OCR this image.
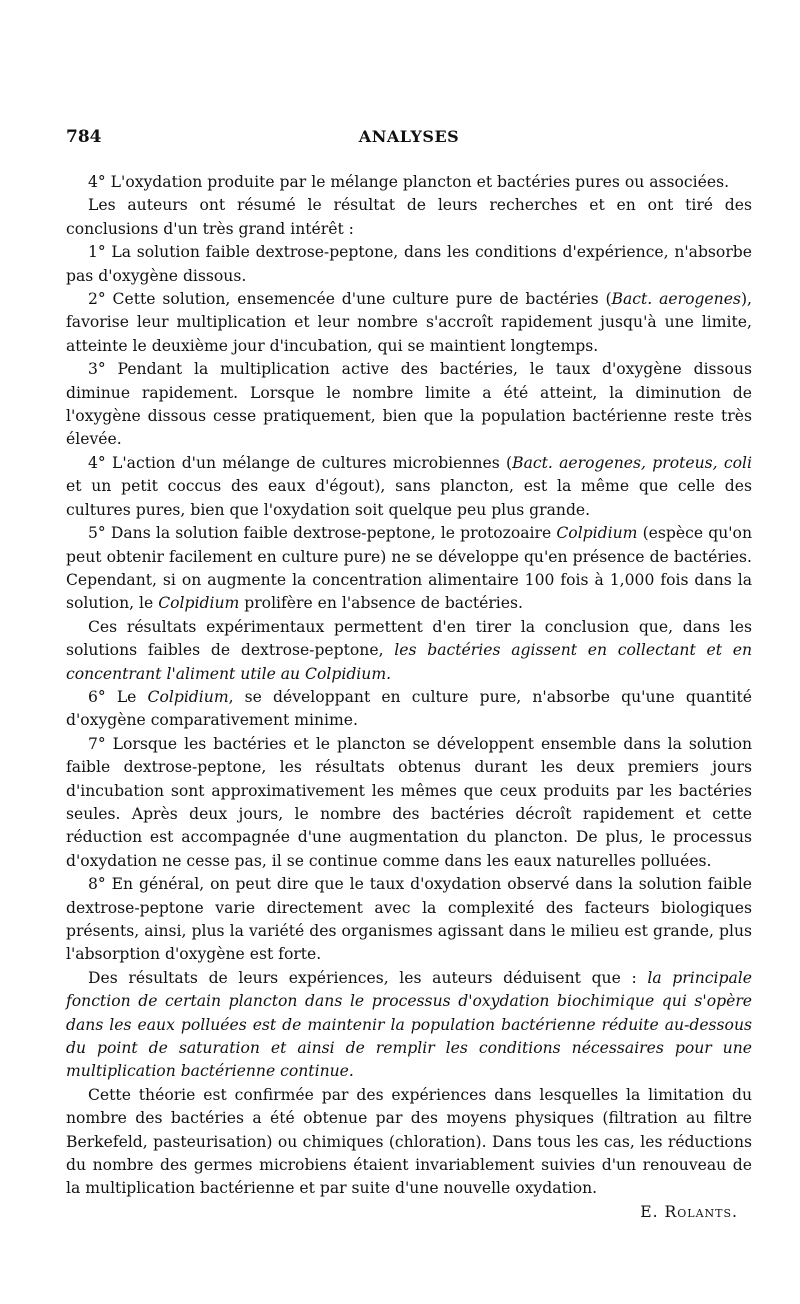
784	ANALYSES

4° L'oxydation produite par le mélange plancton et bactéries pures ou associées.

Les auteurs ont résumé le résultat de leurs recherches et en ont tiré des conclusions d'un très grand intérêt :

1° La solution faible dextrose-peptone, dans les conditions d'expérience, n'absorbe pas d'oxygène dissous.

2° Cette solution, ensemencée d'une culture pure de bactéries (Bact. aerogenes), favorise leur multiplication et leur nombre s'accroît rapidement jusqu'à une limite, atteinte le deuxième jour d'incubation, qui se maintient longtemps.

3° Pendant la multiplication active des bactéries, le taux d'oxygène dissous diminue rapidement. Lorsque le nombre limite a été atteint, la diminution de l'oxygène dissous cesse pratiquement, bien que la population bactérienne reste très élevée.

4° L'action d'un mélange de cultures microbiennes (Bact. aerogenes, proteus, coli et un petit coccus des eaux d'égout), sans plancton, est la même que celle des cultures pures, bien que l'oxydation soit quelque peu plus grande.

5° Dans la solution faible dextrose-peptone, le protozoaire Colpidium (espèce qu'on peut obtenir facilement en culture pure) ne se développe qu'en présence de bactéries. Cependant, si on augmente la concentration alimentaire 100 fois à 1,000 fois dans la solution, le Colpidium prolifère en l'absence de bactéries.

Ces résultats expérimentaux permettent d'en tirer la conclusion que, dans les solutions faibles de dextrose-peptone, les bactéries agissent en collectant et en concentrant l'aliment utile au Colpidium.

6° Le Colpidium, se développant en culture pure, n'absorbe qu'une quantité d'oxygène comparativement minime.

7° Lorsque les bactéries et le plancton se développent ensemble dans la solution faible dextrose-peptone, les résultats obtenus durant les deux premiers jours d'incubation sont approximativement les mêmes que ceux produits par les bactéries seules. Après deux jours, le nombre des bactéries décroît rapidement et cette réduction est accompagnée d'une augmentation du plancton. De plus, le processus d'oxydation ne cesse pas, il se continue comme dans les eaux naturelles polluées.

8° En général, on peut dire que le taux d'oxydation observé dans la solution faible dextrose-peptone varie directement avec la complexité des facteurs biologiques présents, ainsi, plus la variété des organismes agissant dans le milieu est grande, plus l'absorption d'oxygène est forte.

Des résultats de leurs expériences, les auteurs déduisent que : la principale fonction de certain plancton dans le processus d'oxydation biochimique qui s'opère dans les eaux polluées est de maintenir la population bactérienne réduite au-dessous du point de saturation et ainsi de remplir les conditions nécessaires pour une multiplication bactérienne continue.

Cette théorie est confirmée par des expériences dans lesquelles la limitation du nombre des bactéries a été obtenue par des moyens physiques (filtration au filtre Berkefeld, pasteurisation) ou chimiques (chloration). Dans tous les cas, les réductions du nombre des germes microbiens étaient invariablement suivies d'un renouveau de la multiplication bactérienne et par suite d'une nouvelle oxydation.

E. Rolants.
